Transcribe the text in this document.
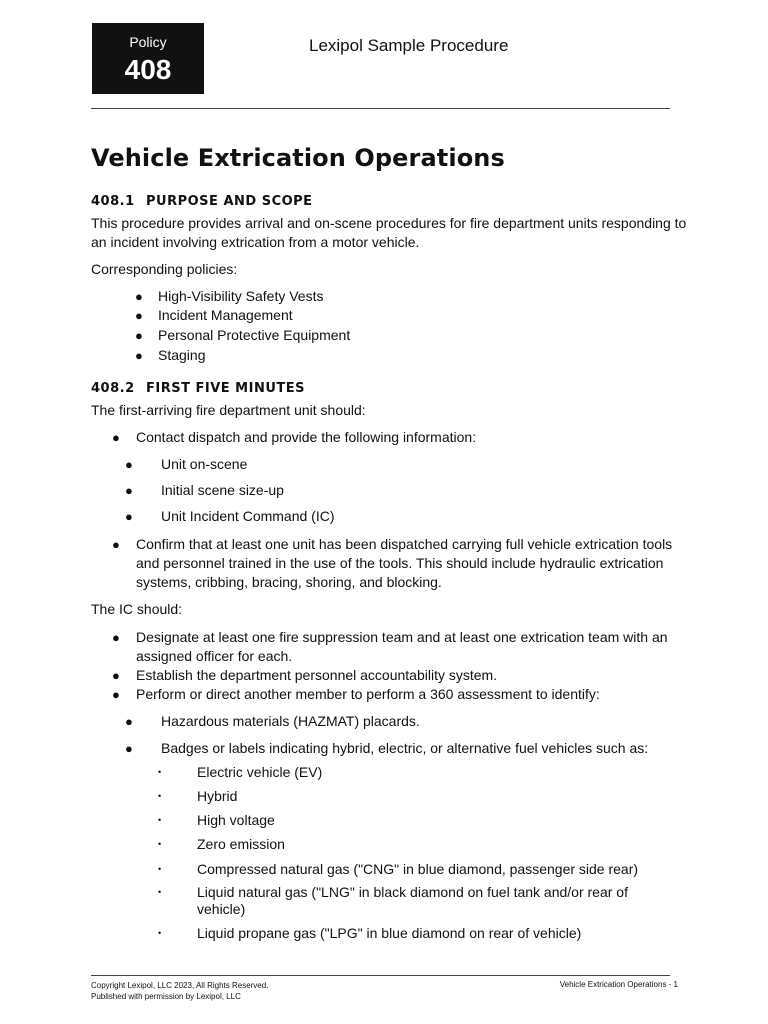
Policy
408
Lexipol Sample Procedure
Vehicle Extrication Operations
408.1 PURPOSE AND SCOPE
This procedure provides arrival and on-scene procedures for fire department units responding to
an incident involving extrication from a motor vehicle.
Corresponding policies:
● High-Visibility Safety Vests
● Incident Management
● Personal Protective Equipment
● Staging
408.2 FIRST FIVE MINUTES
The first-arriving fire department unit should:
● Contact dispatch and provide the following information:
● Unit on-scene
● Initial scene size-up
● Unit Incident Command (IC)
● Confirm that at least one unit has been dispatched carrying full vehicle extrication tools
and personnel trained in the use of the tools. This should include hydraulic extrication
systems, cribbing, bracing, shoring, and blocking.
The IC should:
● Designate at least one fire suppression team and at least one extrication team with an
assigned officer for each.
● Establish the department personnel accountability system.
● Perform or direct another member to perform a 360 assessment to identify:
● Hazardous materials (HAZMAT) placards.
● Badges or labels indicating hybrid, electric, or alternative fuel vehicles such as:
•	Electric vehicle (EV)
•	Hybrid
•	High voltage
•	Zero emission
•	Compressed natural gas ("CNG" in blue diamond, passenger side rear)
•	Liquid natural gas ("LNG" in black diamond on fuel tank and/or rear of
vehicle)
•	Liquid propane gas ("LPG" in blue diamond on rear of vehicle)
Copyright Lexipol, LLC 2023, All Rights Reserved.
Published with permission by Lexipol, LLC
Vehicle Extrication Operations - 1
